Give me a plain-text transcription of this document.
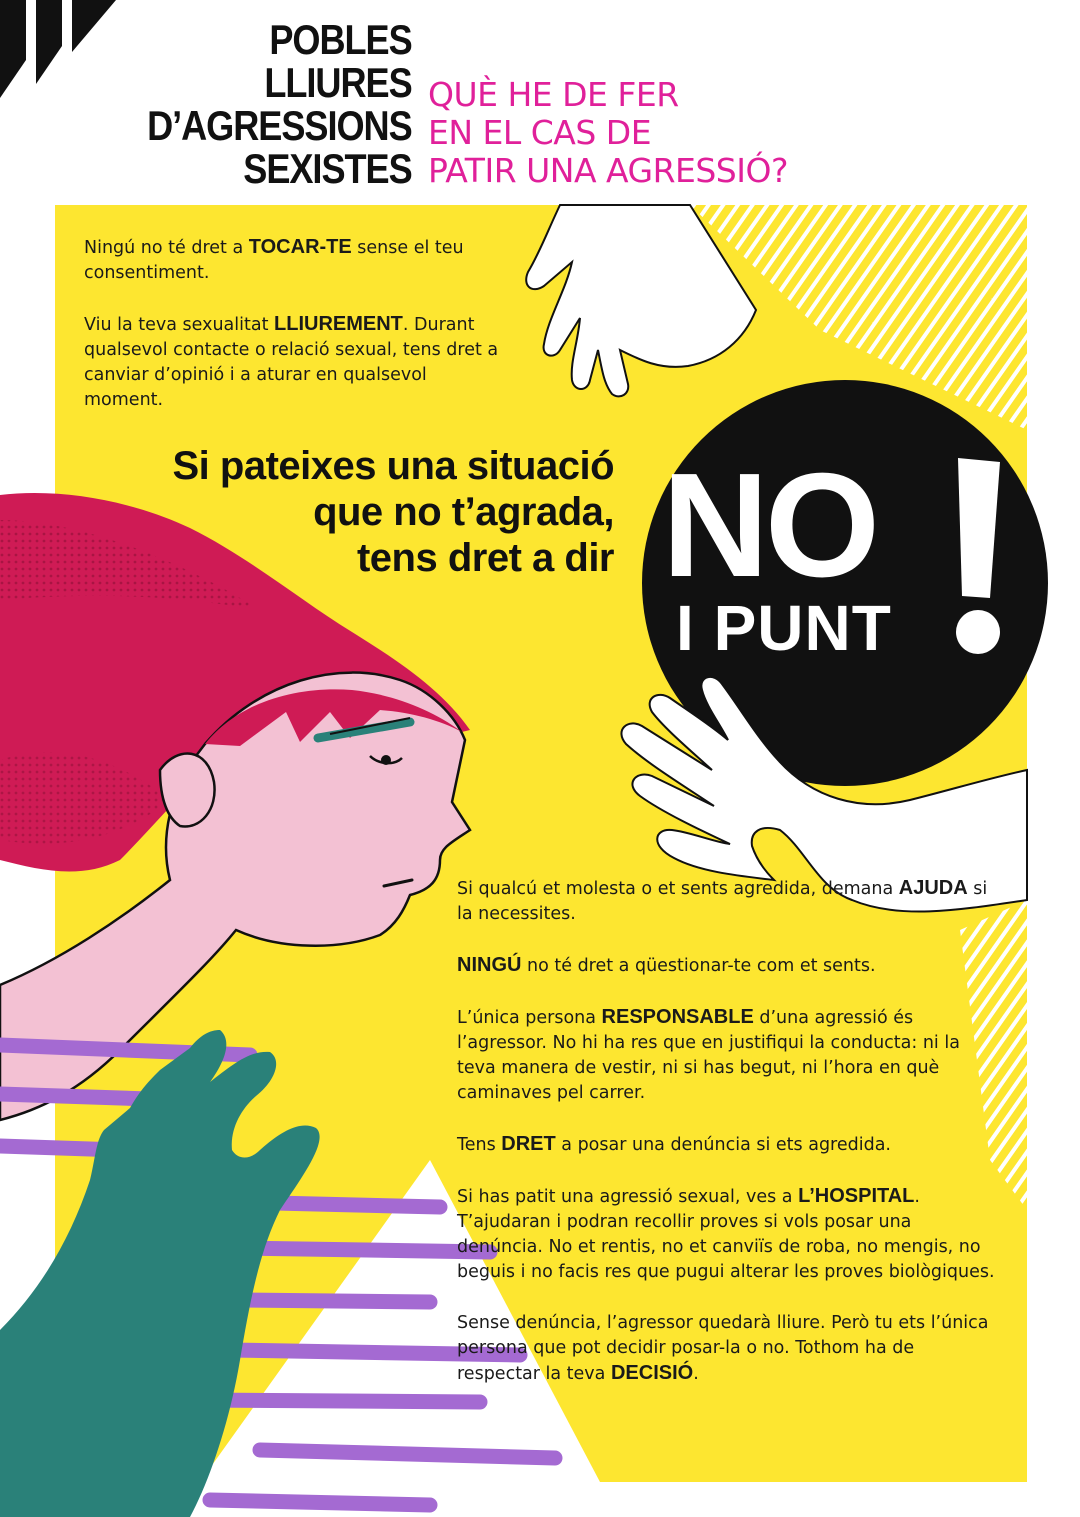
POBLES
LLIURES
D’AGRESSIONS
SEXISTES
QUÈ HE DE FER
EN EL CAS DE
PATIR UNA AGRESSIÓ?

Ningú no té dret a TOCAR-TE sense el teu consentiment.

Viu la teva sexualitat LLIUREMENT. Durant qualsevol contacte o relació sexual, tens dret a canviar d’opinió i a aturar en qualsevol moment.

Si pateixes una situació
que no t’agrada,
tens dret a dir NO
I PUNT

Si qualcú et molesta o et sents agredida, demana AJUDA si la necessites.

NINGÚ no té dret a qüestionar-te com et sents.

L’única persona RESPONSABLE d’una agressió és l’agressor. No hi ha res que en justifiqui la conducta: ni la teva manera de vestir, ni si has begut, ni l’hora en què caminaves pel carrer.

Tens DRET a posar una denúncia si ets agredida.

Si has patit una agressió sexual, ves a L’HOSPITAL. T’ajudaran i podran recollir proves si vols posar una denúncia. No et rentis, no et canviïs de roba, no mengis, no beguis i no facis res que pugui alterar les proves biològiques.

Sense denúncia, l’agressor quedarà lliure. Però tu ets l’única persona que pot decidir posar-la o no. Tothom ha de respectar la teva DECISIÓ.
